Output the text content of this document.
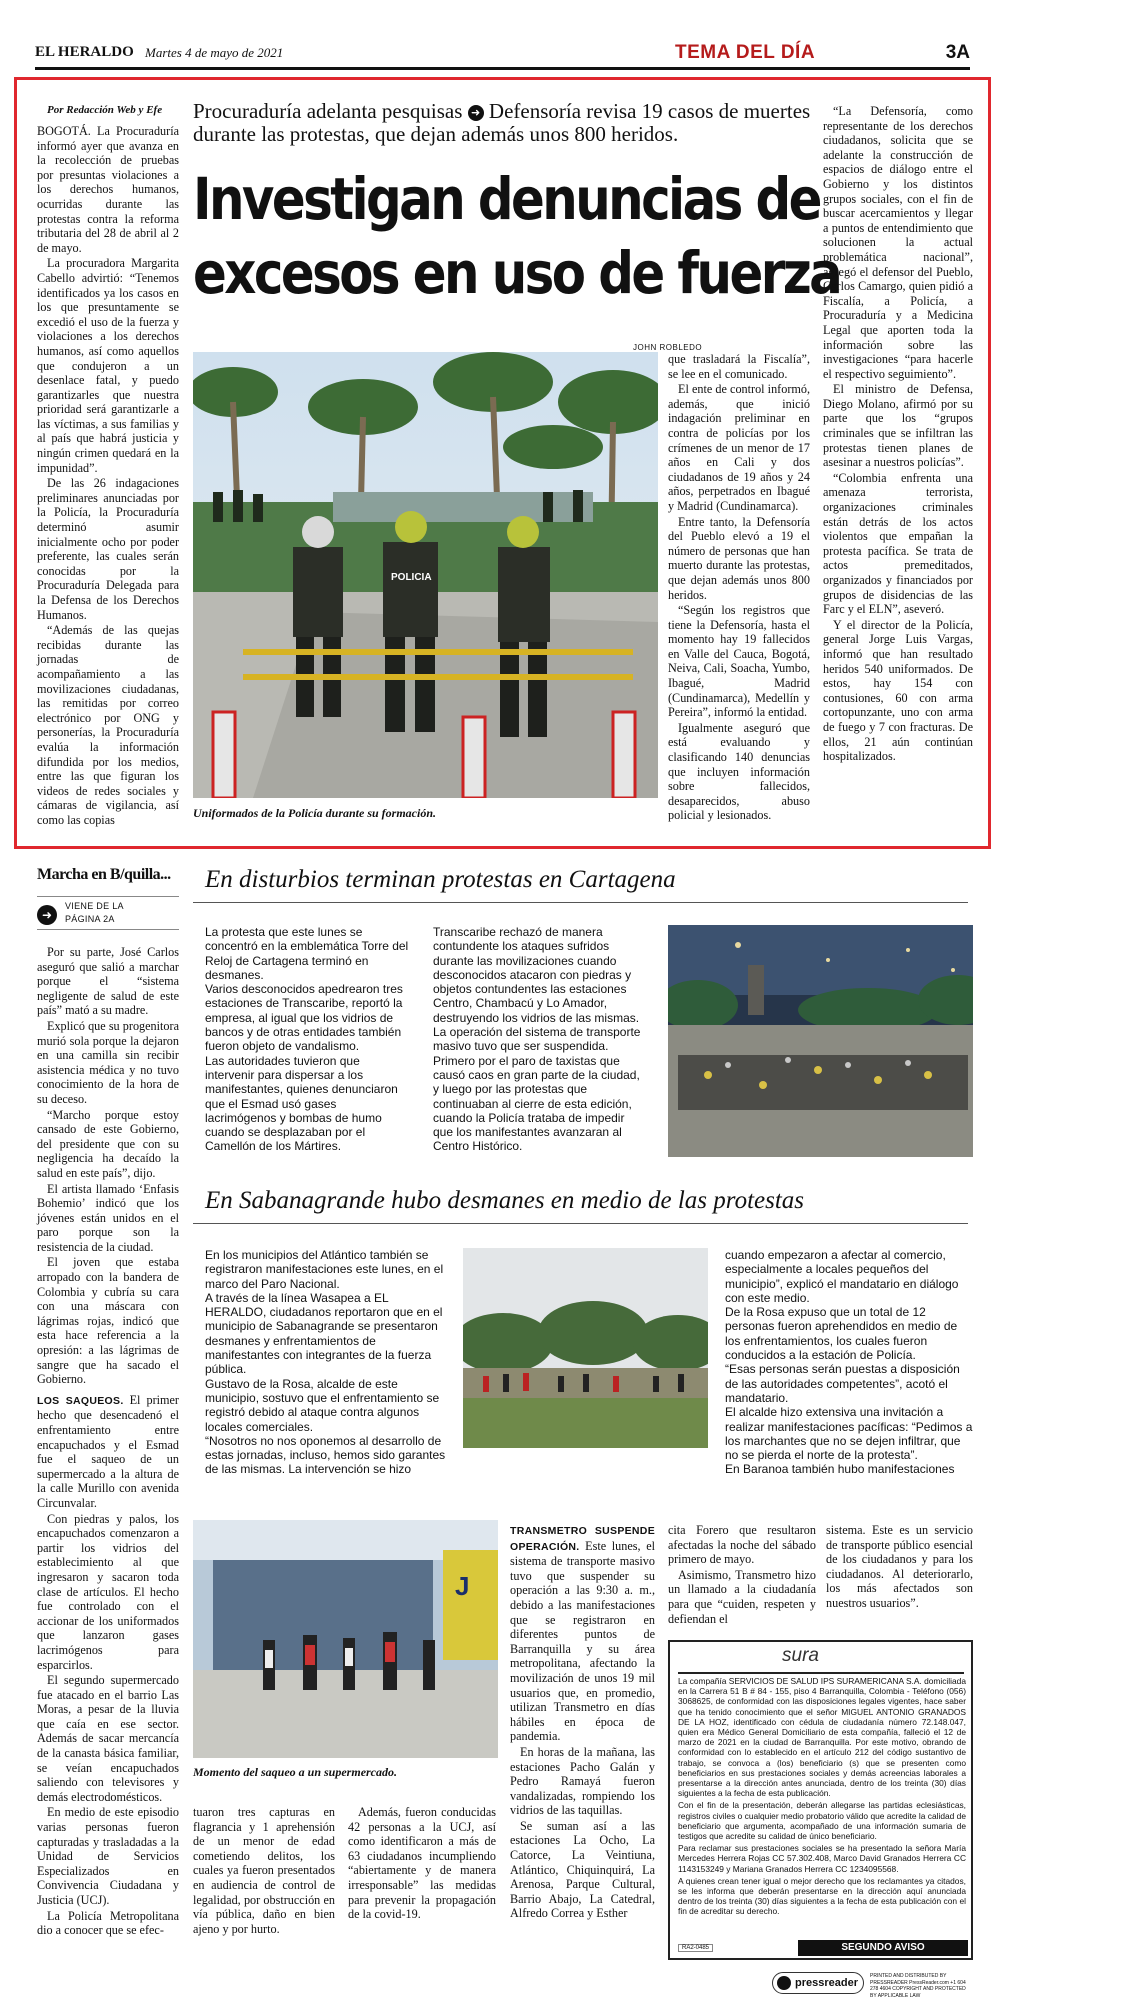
EL HERALDO Martes 4 de mayo de 2021	TEMA DEL DÍA	3A
Por Redacción Web y Efe

BOGOTÁ. La Procuraduría informó ayer que avanza en la recolección de pruebas por presuntas violaciones a los derechos humanos, ocurridas durante las protestas contra la reforma tributaria del 28 de abril al 2 de mayo.

La procuradora Margarita Cabello advirtió: “Tenemos identificados ya los casos en los que presuntamente se excedió el uso de la fuerza y violaciones a los derechos humanos, así como aquellos que condujeron a un desenlace fatal, y puedo garantizarles que nuestra prioridad será garantizarle a las víctimas, a sus familias y al país que habrá justicia y ningún crimen quedará en la impunidad”.

De las 26 indagaciones preliminares anunciadas por la Policía, la Procuraduría determinó asumir inicialmente ocho por poder preferente, las cuales serán conocidas por la Procuraduría Delegada para la Defensa de los Derechos Humanos.

“Además de las quejas recibidas durante las jornadas de acompañamiento a las movilizaciones ciudadanas, las remitidas por correo electrónico por ONG y personerías, la Procuraduría evalúa la información difundida por los medios, entre las que figuran los videos de redes sociales y cámaras de vigilancia, así como las copias

Procuraduría adelanta pesquisas ➜ Defensoría revisa 19 casos de muertes durante las protestas, que dejan además unos 800 heridos.
Investigan denuncias de
excesos en uso de fuerza
JOHN ROBLEDO
POLICIA
Uniformados de la Policía durante su formación.

que trasladará la Fiscalía”, se lee en el comunicado.

El ente de control informó, además, que inició indagación preliminar en contra de policías por los crímenes de un menor de 17 años en Cali y dos ciudadanos de 19 años y 24 años, perpetrados en Ibagué y Madrid (Cundinamarca).

Entre tanto, la Defensoría del Pueblo elevó a 19 el número de personas que han muerto durante las protestas, que dejan además unos 800 heridos.

“Según los registros que tiene la Defensoría, hasta el momento hay 19 fallecidos en Valle del Cauca, Bogotá, Neiva, Cali, Soacha, Yumbo, Ibagué, Madrid (Cundinamarca), Medellín y Pereira”, informó la entidad.

Igualmente aseguró que está evaluando y clasificando 140 denuncias que incluyen información sobre fallecidos, desaparecidos, abuso policial y lesionados.

“La Defensoría, como representante de los derechos ciudadanos, solicita que se adelante la construcción de espacios de diálogo entre el Gobierno y los distintos grupos sociales, con el fin de buscar acercamientos y llegar a puntos de entendimiento que solucionen la actual problemática nacional”, agregó el defensor del Pueblo, Carlos Camargo, quien pidió a Fiscalía, a Policía, a Procuraduría y a Medicina Legal que aporten toda la información sobre las investigaciones “para hacerle el respectivo seguimiento”.

El ministro de Defensa, Diego Molano, afirmó por su parte que los “grupos criminales que se infiltran las protestas tienen planes de asesinar a nuestros policías”.

“Colombia enfrenta una amenaza terrorista, organizaciones criminales están detrás de los actos violentos que empañan la protesta pacífica. Se trata de actos premeditados, organizados y financiados por grupos de disidencias de las Farc y el ELN”, aseveró.

Y el director de la Policía, general Jorge Luis Vargas, informó que han resultado heridos 540 uniformados. De estos, hay 154 con contusiones, 60 con arma cortopunzante, uno con arma de fuego y 7 con fracturas. De ellos, 21 aún continúan hospitalizados.

Marcha en B/quilla...
➜
VIENE DE LA
PÁGINA 2A

Por su parte, José Carlos aseguró que salió a marchar porque el “sistema negligente de salud de este país” mató a su madre.

Explicó que su progenitora murió sola porque la dejaron en una camilla sin recibir asistencia médica y no tuvo conocimiento de la hora de su deceso.

“Marcho porque estoy cansado de este Gobierno, del presidente que con su negligencia ha decaído la salud en este país”, dijo.

El artista llamado ‘Enfasis Bohemio’ indicó que los jóvenes están unidos en el paro porque son la resistencia de la ciudad.

El joven que estaba arropado con la bandera de Colombia y cubría su cara con una máscara con lágrimas rojas, indicó que esta hace referencia a la opresión: a las lágrimas de sangre que ha sacado el Gobierno.

LOS SAQUEOS. El primer hecho que desencadenó el enfrentamiento entre encapuchados y el Esmad fue el saqueo de un supermercado a la altura de la calle Murillo con avenida Circunvalar.

Con piedras y palos, los encapuchados comenzaron a partir los vidrios del establecimiento al que ingresaron y sacaron toda clase de artículos. El hecho fue controlado con el accionar de los uniformados que lanzaron gases lacrimógenos para esparcirlos.

El segundo supermercado fue atacado en el barrio Las Moras, a pesar de la lluvia que caía en ese sector. Además de sacar mercancía de la canasta básica familiar, se veían encapuchados saliendo con televisores y demás electrodomésticos.

En medio de este episodio varias personas fueron capturadas y trasladadas a la Unidad de Servicios Especializados en Convivencia Ciudadana y Justicia (UCJ).

La Policía Metropolitana dio a conocer que se efec-

En disturbios terminan protestas en Cartagena

La protesta que este lunes se concentró en la emblemática Torre del Reloj de Cartagena terminó en desmanes.

Varios desconocidos apedrearon tres estaciones de Transcaribe, reportó la empresa, al igual que los vidrios de bancos y de otras entidades también fueron objeto de vandalismo.

Las autoridades tuvieron que intervenir para dispersar a los manifestantes, quienes denunciaron que el Esmad usó gases lacrimógenos y bombas de humo cuando se desplazaban por el Camellón de los Mártires.

Transcaribe rechazó de manera contundente los ataques sufridos durante las movilizaciones cuando desconocidos atacaron con piedras y objetos contundentes las estaciones Centro, Chambacú y Lo Amador, destruyendo los vidrios de las mismas.

La operación del sistema de transporte masivo tuvo que ser suspendida. Primero por el paro de taxistas que causó caos en gran parte de la ciudad, y luego por las protestas que continuaban al cierre de esta edición, cuando la Policía trataba de impedir que los manifestantes avanzaran al Centro Histórico.

En Sabanagrande hubo desmanes en medio de las protestas

En los municipios del Atlántico también se registraron manifestaciones este lunes, en el marco del Paro Nacional.

A través de la línea Wasapea a EL HERALDO, ciudadanos reportaron que en el municipio de Sabanagrande se presentaron desmanes y enfrentamientos de manifestantes con integrantes de la fuerza pública.

Gustavo de la Rosa, alcalde de este municipio, sostuvo que el enfrentamiento se registró debido al ataque contra algunos locales comerciales.

“Nosotros no nos oponemos al desarrollo de estas jornadas, incluso, hemos sido garantes de las mismas. La intervención se hizo

cuando empezaron a afectar al comercio, especialmente a locales pequeños del municipio”, explicó el mandatario en diálogo con este medio.

De la Rosa expuso que un total de 12 personas fueron aprehendidos en medio de los enfrentamientos, los cuales fueron conducidos a la estación de Policía.

“Esas personas serán puestas a disposición de las autoridades competentes”, acotó el mandatario.

El alcalde hizo extensiva una invitación a realizar manifestaciones pacíficas: “Pedimos a los marchantes que no se dejen infiltrar, que no se pierda el norte de la protesta”.

En Baranoa también hubo manifestaciones

J
Momento del saqueo a un supermercado.

tuaron tres capturas en flagrancia y 1 aprehensión de un menor de edad cometiendo delitos, los cuales ya fueron presentados en audiencia de control de legalidad, por obstrucción en vía pública, daño en bien ajeno y por hurto.

Además, fueron conducidas 42 personas a la UCJ, así como identificaron a más de 63 ciudadanos incumpliendo “abiertamente y de manera irresponsable” las medidas para prevenir la propagación de la covid-19.

TRANSMETRO SUSPENDE OPERACIÓN. Este lunes, el sistema de transporte masivo tuvo que suspender su operación a las 9:30 a. m., debido a las manifestaciones que se registraron en diferentes puntos de Barranquilla y su área metropolitana, afectando la movilización de unos 19 mil usuarios que, en promedio, utilizan Transmetro en días hábiles en época de pandemia.

En horas de la mañana, las estaciones Pacho Galán y Pedro Ramayá fueron vandalizadas, rompiendo los vidrios de las taquillas.

Se suman así a las estaciones La Ocho, La Catorce, La Veintiuna, Atlántico, Chiquinquirá, La Arenosa, Parque Cultural, Barrio Abajo, La Catedral, Alfredo Correa y Esther

cita Forero que resultaron afectadas la noche del sábado primero de mayo.

Asimismo, Transmetro hizo un llamado a la ciudadanía para que “cuiden, respeten y defiendan el

sistema. Este es un servicio de transporte público esencial de los ciudadanos y para los ciudadanos. Al deteriorarlo, los más afectados son nuestros usuarios”.

sura

La compañía SERVICIOS DE SALUD IPS SURAMERICANA S.A. domiciliada en la Carrera 51 B # 84 - 155, piso 4 Barranquilla, Colombia - Teléfono (056) 3068625, de conformidad con las disposiciones legales vigentes, hace saber que ha tenido conocimiento que el señor MIGUEL ANTONIO GRANADOS DE LA HOZ, identificado con cédula de ciudadanía número 72.148.047, quien era Médico General Domiciliario de esta compañía, falleció el 12 de marzo de 2021 en la ciudad de Barranquilla. Por este motivo, obrando de conformidad con lo establecido en el artículo 212 del código sustantivo de trabajo, se convoca a (los) beneficiario (s) que se presenten como beneficiarios en sus prestaciones sociales y demás acreencias laborales a presentarse a la dirección antes anunciada, dentro de los treinta (30) días siguientes a la fecha de esta publicación.

Con el fin de la presentación, deberán allegarse las partidas eclesiásticas, registros civiles o cualquier medio probatorio válido que acredite la calidad de beneficiario que argumenta, acompañado de una información sumaria de testigos que acredite su calidad de único beneficiario.

Para reclamar sus prestaciones sociales se ha presentado la señora María Mercedes Herrera Rojas CC 57.302.408, Marco David Granados Herrera CC 1143153249 y Mariana Granados Herrera CC 1234095568.

A quienes crean tener igual o mejor derecho que los reclamantes ya citados, se les informa que deberán presentarse en la dirección aquí anunciada dentro de los treinta (30) días siguientes a la fecha de esta publicación con el fin de acreditar su derecho.

RA2-0485	SEGUNDO AVISO
pressreader
PRINTED AND DISTRIBUTED BY PRESSREADER PressReader.com +1 604 278 4604 COPYRIGHT AND PROTECTED BY APPLICABLE LAW
